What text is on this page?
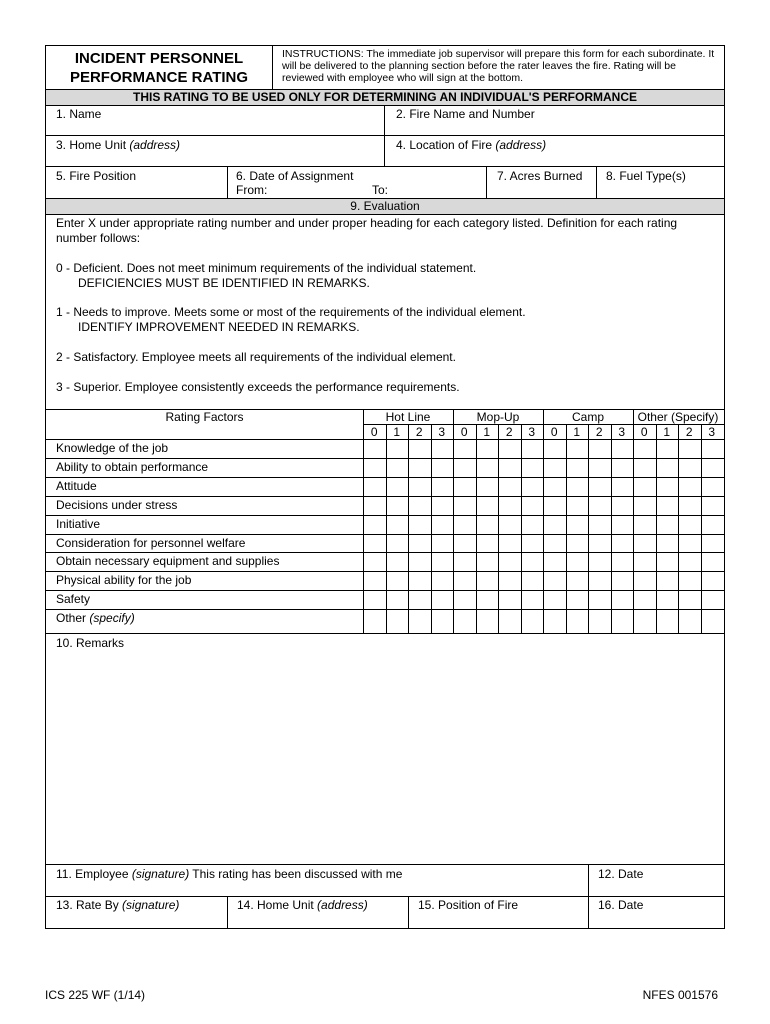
INCIDENT PERSONNEL
PERFORMANCE RATING
INSTRUCTIONS: The immediate job supervisor will prepare this form for each subordinate. It will be delivered to the planning section before the rater leaves the fire. Rating will be reviewed with employee who will sign at the bottom.
THIS RATING TO BE USED ONLY FOR DETERMINING AN INDIVIDUAL'S PERFORMANCE
1. Name	2. Fire Name and Number
3. Home Unit (address)	4. Location of Fire (address)
5. Fire Position	6. Date of Assignment
From:	To:
7. Acres Burned 8. Fuel Type(s)
9. Evaluation
Enter X under appropriate rating number and under proper heading for each category listed. Definition for each rating number follows:
0 - Deficient. Does not meet minimum requirements of the individual statement.
DEFICIENCIES MUST BE IDENTIFIED IN REMARKS.
1 - Needs to improve. Meets some or most of the requirements of the individual element.
IDENTIFY IMPROVEMENT NEEDED IN REMARKS.
2 - Satisfactory. Employee meets all requirements of the individual element.
3 - Superior. Employee consistently exceeds the performance requirements.
Rating Factors	Hot Line
0	1	2	3
Mop-Up
0	1	2	3
Camp
0	1	2	3
Other (Specify)
0	1	2	3
Knowledge of the job
Ability to obtain performance
Attitude
Decisions under stress
Initiative
Consideration for personnel welfare
Obtain necessary equipment and supplies
Physical ability for the job
Safety
Other (specify)
10. Remarks
11. Employee (signature) This rating has been discussed with me	12. Date
13. Rate By (signature)	14. Home Unit (address)	15. Position of Fire	16. Date
ICS 225 WF (1/14)	NFES 001576
